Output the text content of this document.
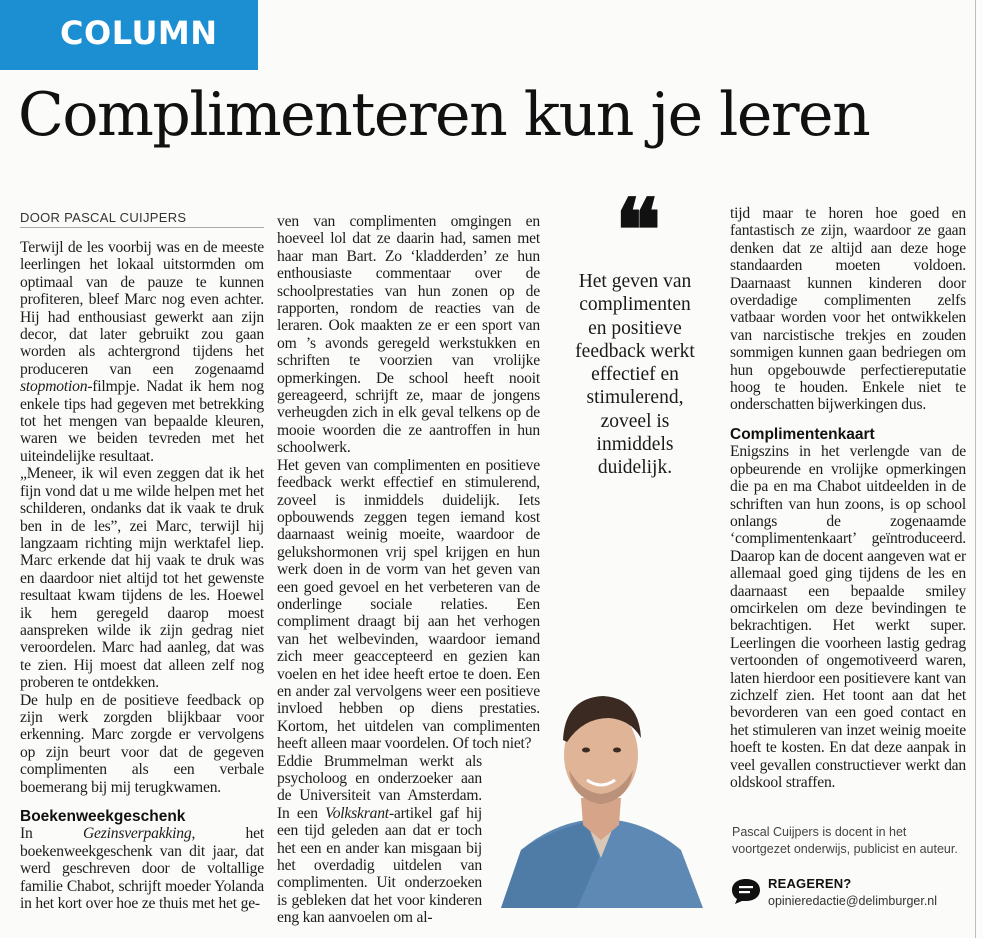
COLUMN
Complimenteren kun je leren
DOOR PASCAL CUIJPERS

Terwijl de les voorbij was en de meeste leerlingen het lokaal uitstormden om optimaal van de pauze te kunnen profiteren, bleef Marc nog even achter. Hij had enthousiast gewerkt aan zijn decor, dat later gebruikt zou gaan worden als achtergrond tijdens het produceren van een zogenaamd stopmotion-filmpje. Nadat ik hem nog enkele tips had gegeven met betrekking tot het mengen van bepaalde kleuren, waren we beiden tevreden met het uiteindelijke resultaat.

„Meneer, ik wil even zeggen dat ik het fijn vond dat u me wilde helpen met het schilderen, ondanks dat ik vaak te druk ben in de les”, zei Marc, terwijl hij langzaam richting mijn werktafel liep. Marc erkende dat hij vaak te druk was en daardoor niet altijd tot het gewenste resultaat kwam tijdens de les. Hoewel ik hem geregeld daarop moest aanspreken wilde ik zijn gedrag niet veroordelen. Marc had aanleg, dat was te zien. Hij moest dat alleen zelf nog proberen te ontdekken.

De hulp en de positieve feedback op zijn werk zorgden blijkbaar voor erkenning. Marc zorgde er vervolgens op zijn beurt voor dat de gegeven complimenten als een verbale boemerang bij mij terugkwamen.

Boekenweekgeschenk

In Gezinsverpakking, het boekenweekgeschenk van dit jaar, dat werd geschreven door de voltallige familie Chabot, schrijft moeder Yolanda in het kort over hoe ze thuis met het ge-

ven van complimenten omgingen en hoeveel lol dat ze daarin had, samen met haar man Bart. Zo ‘kladderden’ ze hun enthousiaste commentaar over de schoolprestaties van hun zonen op de rapporten, rondom de reacties van de leraren. Ook maakten ze er een sport van om ’s avonds geregeld werkstukken en schriften te voorzien van vrolijke opmerkingen. De school heeft nooit gereageerd, schrijft ze, maar de jongens verheugden zich in elk geval telkens op de mooie woorden die ze aantroffen in hun schoolwerk.

Het geven van complimenten en positieve feedback werkt effectief en stimulerend, zoveel is inmiddels duidelijk. Iets opbouwends zeggen tegen iemand kost daarnaast weinig moeite, waardoor de gelukshormonen vrij spel krijgen en hun werk doen in de vorm van het geven van een goed gevoel en het verbeteren van de onderlinge sociale relaties. Een compliment draagt bij aan het verhogen van het welbevinden, waardoor iemand zich meer geaccepteerd en gezien kan voelen en het idee heeft ertoe te doen. Een en ander zal vervolgens weer een positieve invloed hebben op diens prestaties. Kortom, het uitdelen van complimenten heeft alleen maar voordelen. Of toch niet?

Eddie Brummelman werkt als psycholoog en onderzoeker aan de Universiteit van Amsterdam. In een Volkskrant-artikel gaf hij een tijd geleden aan dat er toch het een en ander kan misgaan bij het overdadig uitdelen van complimenten. Uit onderzoeken is gebleken dat het voor kinderen eng kan aanvoelen om al-

❝
Het geven van
complimenten
en positieve
feedback werkt
effectief en
stimulerend,
zoveel is
inmiddels
duidelijk.

tijd maar te horen hoe goed en fantastisch ze zijn, waardoor ze gaan denken dat ze altijd aan deze hoge standaarden moeten voldoen. Daarnaast kunnen kinderen door overdadige complimenten zelfs vatbaar worden voor het ontwikkelen van narcistische trekjes en zouden sommigen kunnen gaan bedriegen om hun opgebouwde perfectiereputatie hoog te houden. Enkele niet te onderschatten bijwerkingen dus.

Complimentenkaart

Enigszins in het verlengde van de opbeurende en vrolijke opmerkingen die pa en ma Chabot uitdeelden in de schriften van hun zoons, is op school onlangs de zogenaamde ‘complimentenkaart’ geïntroduceerd. Daarop kan de docent aangeven wat er allemaal goed ging tijdens de les en daarnaast een bepaalde smiley omcirkelen om deze bevindingen te bekrachtigen. Het werkt super. Leerlingen die voorheen lastig gedrag vertoonden of ongemotiveerd waren, laten hierdoor een positievere kant van zichzelf zien. Het toont aan dat het bevorderen van een goed contact en het stimuleren van inzet weinig moeite hoeft te kosten. En dat deze aanpak in veel gevallen constructiever werkt dan oldskool straffen.

Pascal Cuijpers is docent in het voortgezet onderwijs, publicist en auteur.
REAGEREN?
opinieredactie@delimburger.nl
